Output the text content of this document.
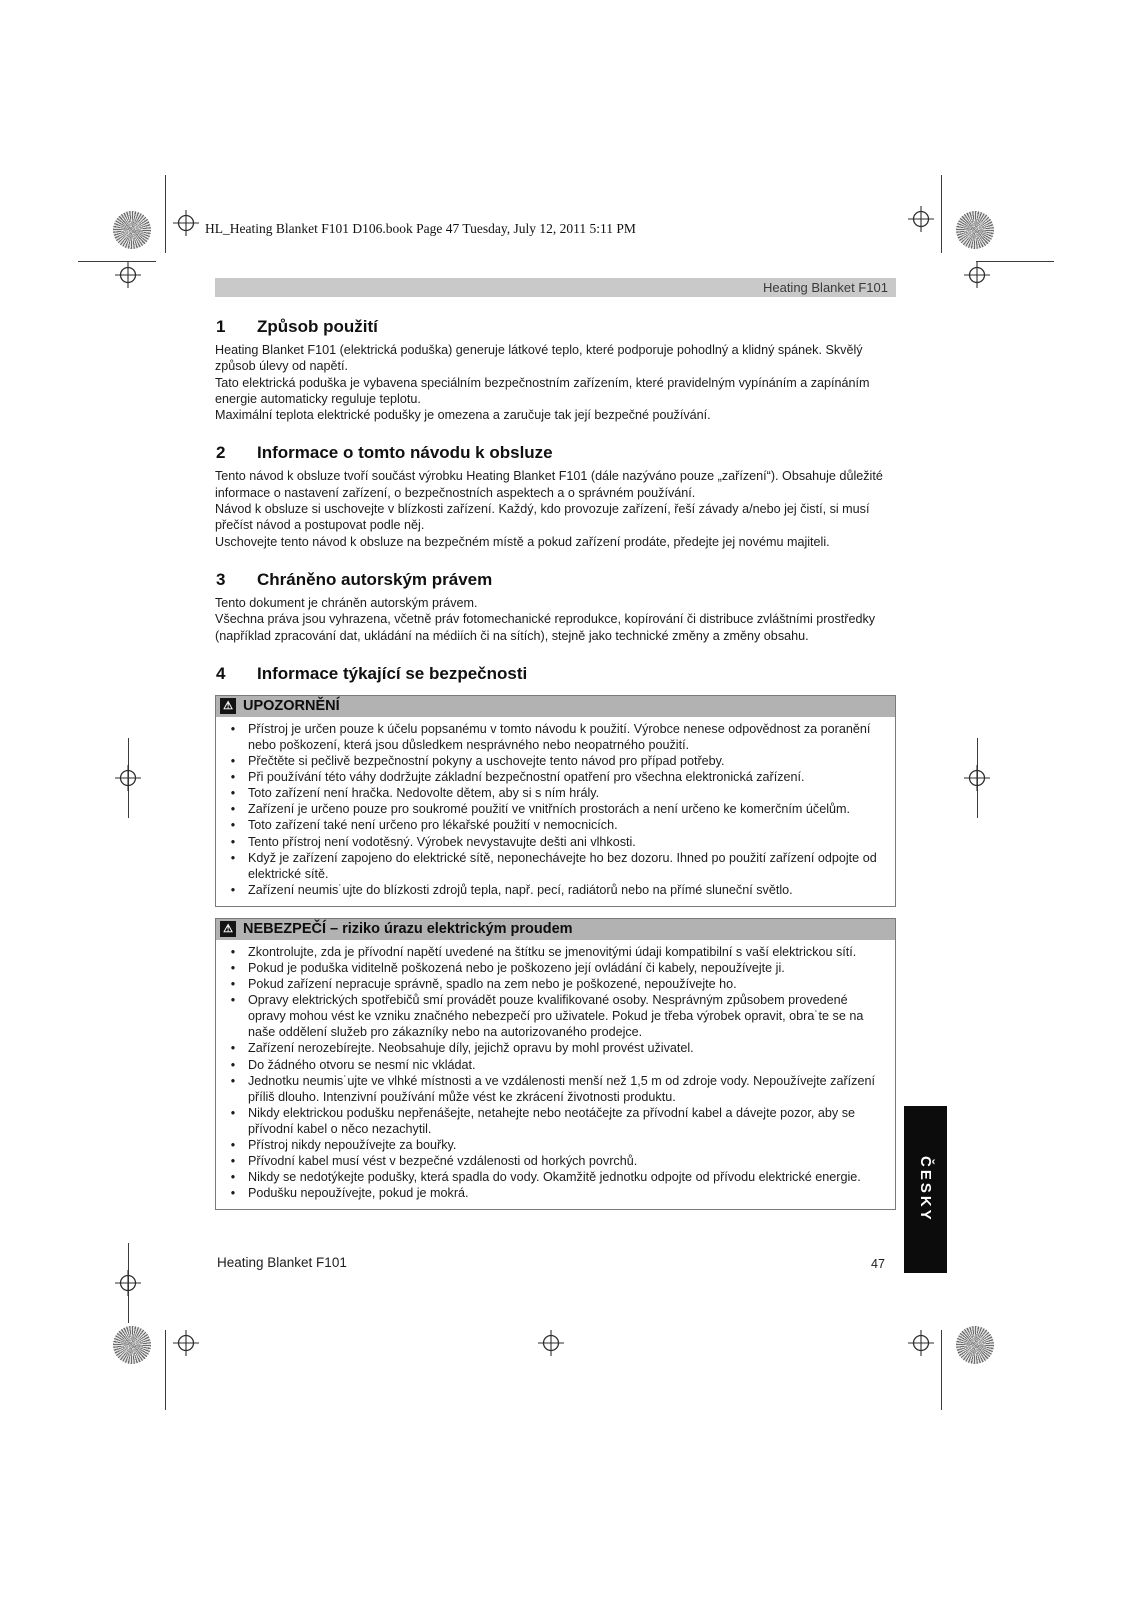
HL_Heating Blanket F101 D106.book Page 47 Tuesday, July 12, 2011 5:11 PM
Heating Blanket F101
1	Způsob použití

Heating Blanket F101 (elektrická poduška) generuje látkové teplo, které podporuje pohodlný a klidný spánek. Skvělý způsob úlevy od napětí.

Tato elektrická poduška je vybavena speciálním bezpečnostním zařízením, které pravidelným vypínáním a zapínáním energie automaticky reguluje teplotu.

Maximální teplota elektrické podušky je omezena a zaručuje tak její bezpečné používání.

2	Informace o tomto návodu k obsluze

Tento návod k obsluze tvoří součást výrobku Heating Blanket F101 (dále nazýváno pouze „zařízení“). Obsahuje důležité informace o nastavení zařízení, o bezpečnostních aspektech a o správném používání.

Návod k obsluze si uschovejte v blízkosti zařízení. Každý, kdo provozuje zařízení, řeší závady a/nebo jej čistí, si musí přečíst návod a postupovat podle něj.

Uschovejte tento návod k obsluze na bezpečném místě a pokud zařízení prodáte, předejte jej novému majiteli.

3	Chráněno autorským právem

Tento dokument je chráněn autorským právem.

Všechna práva jsou vyhrazena, včetně práv fotomechanické reprodukce, kopírování či distribuce zvláštními prostředky (například zpracování dat, ukládání na médiích či na sítích), stejně jako technické změny a změny obsahu.

4	Informace týkající se bezpečnosti
⚠ UPOZORNĚNÍ
•	Přístroj je určen pouze k účelu popsanému v tomto návodu k použití. Výrobce nenese odpovědnost za poranění nebo poškození, která jsou důsledkem nesprávného nebo neopatrného použití.
•	Přečtěte si pečlivě bezpečnostní pokyny a uschovejte tento návod pro případ potřeby.
•	Při používání této váhy dodržujte základní bezpečnostní opatření pro všechna elektronická zařízení.
•	Toto zařízení není hračka. Nedovolte dětem, aby si s ním hrály.
•	Zařízení je určeno pouze pro soukromé použití ve vnitřních prostorách a není určeno ke komerčním účelům.
•	Toto zařízení také není určeno pro lékařské použití v nemocnicích.
•	Tento přístroj není vodotěsný. Výrobek nevystavujte dešti ani vlhkosti.
•	Když je zařízení zapojeno do elektrické sítě, neponechávejte ho bez dozoru. Ihned po použití zařízení odpojte od elektrické sítě.
•	Zařízení neumis˙ujte do blízkosti zdrojů tepla, např. pecí, radiátorů nebo na přímé sluneční světlo.
⚠ NEBEZPEČÍ – riziko úrazu elektrickým proudem
•	Zkontrolujte, zda je přívodní napětí uvedené na štítku se jmenovitými údaji kompatibilní s vaší elektrickou sítí.
•	Pokud je poduška viditelně poškozená nebo je poškozeno její ovládání či kabely, nepoužívejte ji.
•	Pokud zařízení nepracuje správně, spadlo na zem nebo je poškozené, nepoužívejte ho.
•	Opravy elektrických spotřebičů smí provádět pouze kvalifikované osoby. Nesprávným způsobem provedené opravy mohou vést ke vzniku značného nebezpečí pro uživatele. Pokud je třeba výrobek opravit, obra˙te se na naše oddělení služeb pro zákazníky nebo na autorizovaného prodejce.
•	Zařízení nerozebírejte. Neobsahuje díly, jejichž opravu by mohl provést uživatel.
•	Do žádného otvoru se nesmí nic vkládat.
•	Jednotku neumis˙ujte ve vlhké místnosti a ve vzdálenosti menší než 1,5 m od zdroje vody. Nepoužívejte zařízení příliš dlouho. Intenzivní používání může vést ke zkrácení životnosti produktu.
•	Nikdy elektrickou podušku nepřenášejte, netahejte nebo neotáčejte za přívodní kabel a dávejte pozor, aby se přívodní kabel o něco nezachytil.
•	Přístroj nikdy nepoužívejte za bouřky.
•	Přívodní kabel musí vést v bezpečné vzdálenosti od horkých povrchů.
•	Nikdy se nedotýkejte podušky, která spadla do vody. Okamžitě jednotku odpojte od přívodu elektrické energie.
•	Podušku nepoužívejte, pokud je mokrá.	ČESKY
Heating Blanket F101	47
